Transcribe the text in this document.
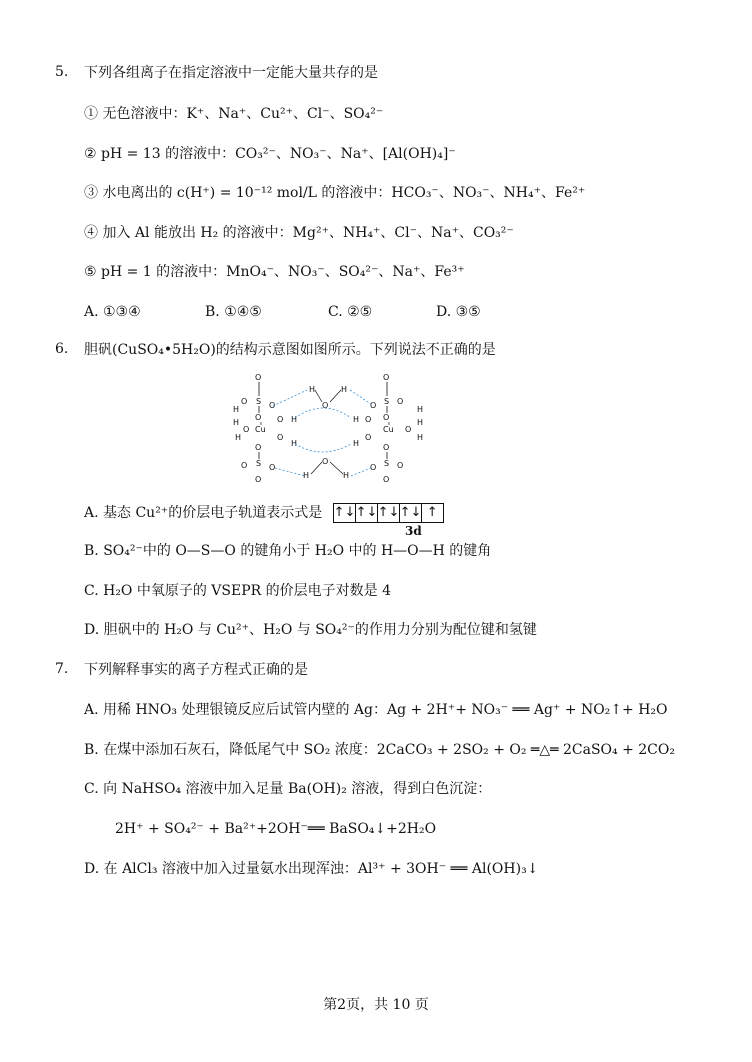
5. 下列各组离子在指定溶液中一定能大量共存的是
① 无色溶液中：K⁺、Na⁺、Cu²⁺、Cl⁻、SO₄²⁻
② pH = 13 的溶液中：CO₃²⁻、NO₃⁻、Na⁺、[Al(OH)₄]⁻
③ 水电离出的 c(H⁺) = 10⁻¹² mol/L 的溶液中：HCO₃⁻、NO₃⁻、NH₄⁺、Fe²⁺
④ 加入 Al 能放出 H₂ 的溶液中：Mg²⁺、NH₄⁺、Cl⁻、Na⁺、CO₃²⁻
⑤ pH = 1 的溶液中：MnO₄⁻、NO₃⁻、SO₄²⁻、Na⁺、Fe³⁺
A. ①③④	B. ①④⑤	C. ②⑤	D. ③⑤
6. 胆矾(CuSO₄•5H₂O)的结构示意图如图所示。下列说法不正确的是
O
S
O	O
O
O
S
O	O
O
H
O
H
Cu
H
H
H
O H
O
H
O	Cu
H
H
H
O
H
O
H
O
O
S
O	O
O
O
S
O	O
O
H
O
H
A. 基态 Cu²⁺的价层电子轨道表示式是 ↑↓ ↑↓ ↑↓ ↑↓ ↑
3d
B. SO₄²⁻中的 O—S—O 的键角小于 H₂O 中的 H—O—H 的键角
C. H₂O 中氧原子的 VSEPR 的价层电子对数是 4
D. 胆矾中的 H₂O 与 Cu²⁺、H₂O 与 SO₄²⁻的作用力分别为配位键和氢键
7. 下列解释事实的离子方程式正确的是
A. 用稀 HNO₃ 处理银镜反应后试管内壁的 Ag：Ag + 2H⁺+ NO₃⁻ ══ Ag⁺ + NO₂↑+ H₂O
B. 在煤中添加石灰石，降低尾气中 SO₂ 浓度：2CaCO₃ + 2SO₂ + O₂ ═△═ 2CaSO₄ + 2CO₂
C. 向 NaHSO₄ 溶液中加入足量 Ba(OH)₂ 溶液，得到白色沉淀：
2H⁺ + SO₄²⁻ + Ba²⁺+2OH⁻══ BaSO₄↓+2H₂O
D. 在 AlCl₃ 溶液中加入过量氨水出现浑浊：Al³⁺ + 3OH⁻ ══ Al(OH)₃↓
第2页，共 10 页
